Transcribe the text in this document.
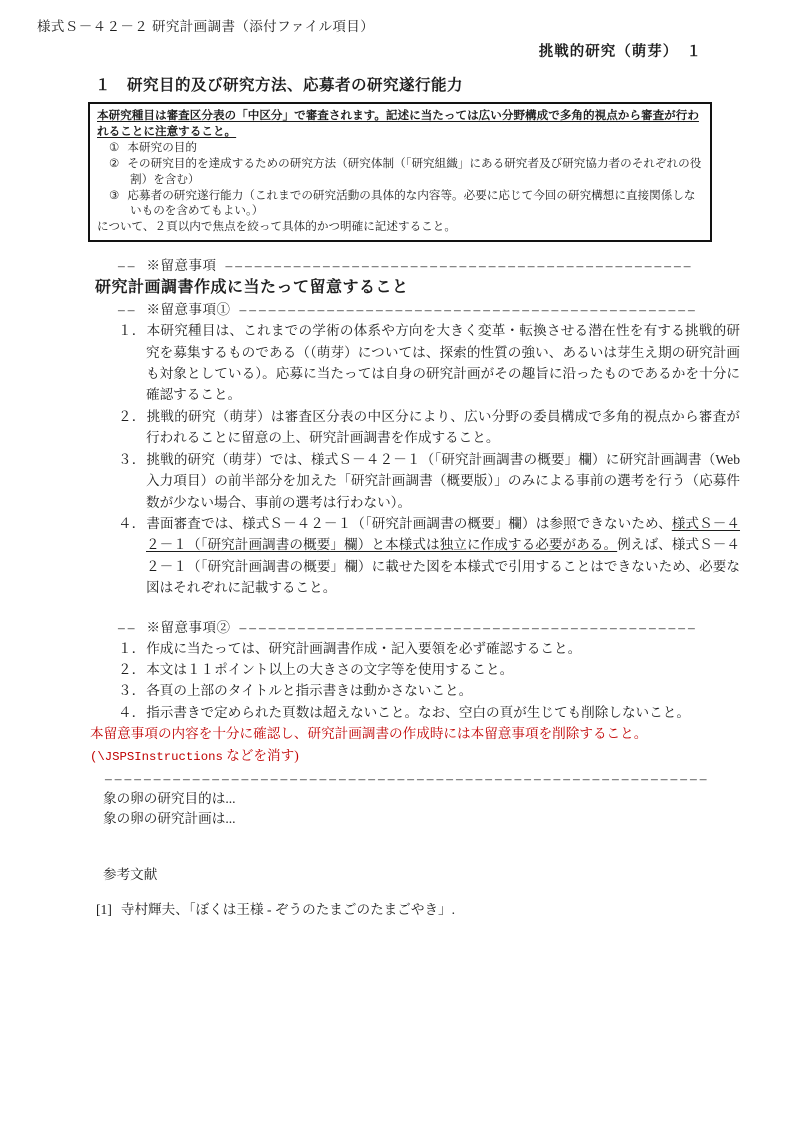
様式Ｓ－４２－２ 研究計画調書（添付ファイル項目）
挑戦的研究（萌芽）　１
１　研究目的及び研究方法、応募者の研究遂行能力
本研究種目は審査区分表の「中区分」で審査されます。記述に当たっては広い分野構成で多角的視点から審査が行われることに注意すること。
① 本研究の目的
② その研究目的を達成するための研究方法（研究体制（「研究組織」にある研究者及び研究協力者のそれぞれの役割）を含む）
③ 応募者の研究遂行能力（これまでの研究活動の具体的な内容等。必要に応じて今回の研究構想に直接関係しないものを含めてもよい。）
について、２頁以内で焦点を絞って具体的かつ明確に記述すること。
–– ※留意事項 ––––––––––––––––––––––––––––––––––––––––––––––––
研究計画調書作成に当たって留意すること
–– ※留意事項① –––––––––––––––––––––––––––––––––––––––––––––––
１．本研究種目は、これまでの学術の体系や方向を大きく変革・転換させる潜在性を有する挑戦的研究を募集するものである（（萌芽）については、探索的性質の強い、あるいは芽生え期の研究計画も対象としている）。応募に当たっては自身の研究計画がその趣旨に沿ったものであるかを十分に確認すること。
２．挑戦的研究（萌芽）は審査区分表の中区分により、広い分野の委員構成で多角的視点から審査が行われることに留意の上、研究計画調書を作成すること。
３．挑戦的研究（萌芽）では、様式Ｓ－４２－１（「研究計画調書の概要」欄）に研究計画調書（Web 入力項目）の前半部分を加えた「研究計画調書（概要版）」のみによる事前の選考を行う（応募件数が少ない場合、事前の選考は行わない）。
４．書面審査では、様式Ｓ－４２－１（「研究計画調書の概要」欄）は参照できないため、様式Ｓ－４２－１（「研究計画調書の概要」欄）と本様式は独立に作成する必要がある。例えば、様式Ｓ－４２－１（「研究計画調書の概要」欄）に載せた図を本様式で引用することはできないため、必要な図はそれぞれに記載すること。
–– ※留意事項② –––––––––––––––––––––––––––––––––––––––––––––––
１．作成に当たっては、研究計画調書作成・記入要領を必ず確認すること。
２．本文は１１ポイント以上の大きさの文字等を使用すること。
３．各頁の上部のタイトルと指示書きは動かさないこと。
４．指示書きで定められた頁数は超えないこと。なお、空白の頁が生じても削除しないこと。
本留意事項の内容を十分に確認し、研究計画調書の作成時には本留意事項を削除すること。
(\JSPSInstructions などを消す)
––––––––––––––––––––––––––––––––––––––––––––––––––––––––––––––
象の卵の研究目的は...
象の卵の研究計画は...
参考文献
[1] 寺村輝夫、「ぼくは王様 - ぞうのたまごのたまごやき」.
